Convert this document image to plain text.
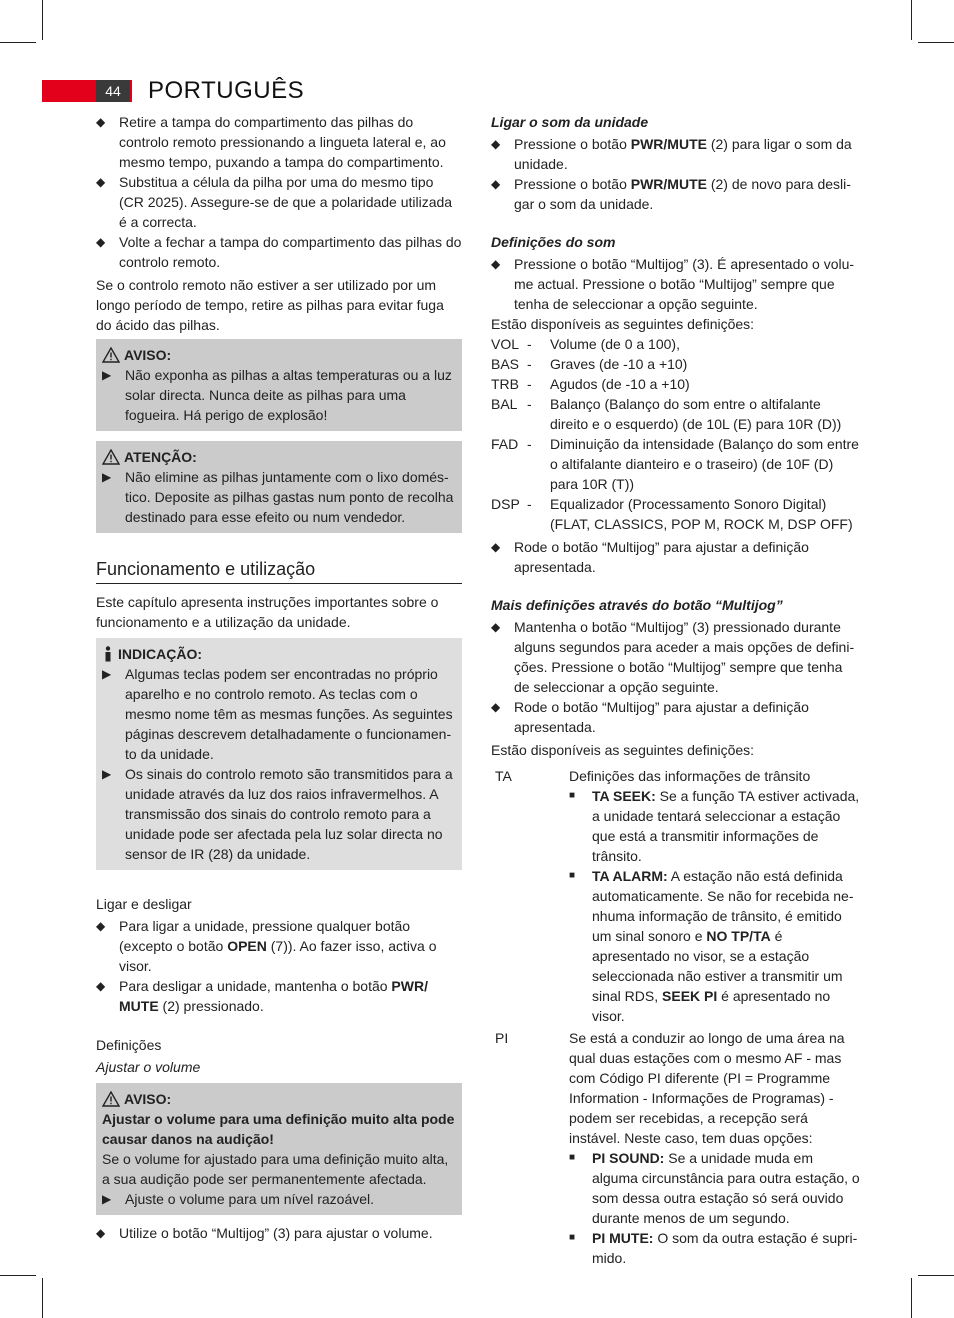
44	PORTUGUÊS
◆ Retire a tampa do compartimento das pilhas do controlo remoto pressionando a lingueta lateral e, ao mesmo tempo, puxando a tampa do compartimento.
◆ Substitua a célula da pilha por uma do mesmo tipo (CR 2025). Assegure-se de que a polaridade utilizada é a correcta.
◆ Volte a fechar a tampa do compartimento das pilhas do controlo remoto.

Se o controlo remoto não estiver a ser utilizado por um longo período de tempo, retire as pilhas para evitar fuga do ácido das pilhas.

AVISO:
▶ Não exponha as pilhas a altas temperaturas ou a luz solar directa. Nunca deite as pilhas para uma fogueira. Há perigo de explosão!
ATENÇÃO:
▶ Não elimine as pilhas juntamente com o lixo doméstico. Deposite as pilhas gastas num ponto de recolha destinado para esse efeito ou num vendedor.
Funcionamento e utilização

Este capítulo apresenta instruções importantes sobre o funcionamento e a utilização da unidade.

INDICAÇÃO:
▶ Algumas teclas podem ser encontradas no próprio aparelho e no controlo remoto. As teclas com o mesmo nome têm as mesmas funções. As seguintes páginas descrevem detalhadamente o funcionamento da unidade.
▶ Os sinais do controlo remoto são transmitidos para a unidade através da luz dos raios infravermelhos. A transmissão dos sinais do controlo remoto para a unidade pode ser afectada pela luz solar directa no sensor de IR (28) da unidade.
Ligar e desligar
◆ Para ligar a unidade, pressione qualquer botão (excepto o botão OPEN (7)). Ao fazer isso, activa o visor.
◆ Para desligar a unidade, mantenha o botão PWR/ MUTE (2) pressionado.
Definições
Ajustar o volume
AVISO:

Ajustar o volume para uma definição muito alta pode causar danos na audição!

Se o volume for ajustado para uma definição muito alta, a sua audição pode ser permanentemente afectada.

▶ Ajuste o volume para um nível razoável.
◆ Utilize o botão “Multijog” (3) para ajustar o volume.
Ligar o som da unidade
◆ Pressione o botão PWR/MUTE (2) para ligar o som da unidade.
◆ Pressione o botão PWR/MUTE (2) de novo para desligar o som da unidade.
Definições do som
◆ Pressione o botão “Multijog” (3). É apresentado o volume actual. Pressione o botão “Multijog” sempre que tenha de seleccionar a opção seguinte.

Estão disponíveis as seguintes definições:

VOL -	Volume (de 0 a 100),
BAS -	Graves (de -10 a +10)
TRB -	Agudos (de -10 a +10)
BAL -	Balanço (Balanço do som entre o altifalante direito e o esquerdo) (de 10L (E) para 10R (D))
FAD -	Diminuição da intensidade (Balanço do som entre o altifalante dianteiro e o traseiro) (de 10F (D) para 10R (T))
DSP -	Equalizador (Processamento Sonoro Digital) (FLAT, CLASSICS, POP M, ROCK M, DSP OFF)
◆ Rode o botão “Multijog” para ajustar a definição apresentada.
Mais definições através do botão “Multijog”
◆ Mantenha o botão “Multijog” (3) pressionado durante alguns segundos para aceder a mais opções de definições. Pressione o botão “Multijog” sempre que tenha de seleccionar a opção seguinte.
◆ Rode o botão “Multijog” para ajustar a definição apresentada.

Estão disponíveis as seguintes definições:

TA	Definições das informações de trânsito
■	TA SEEK: Se a função TA estiver activada, a unidade tentará seleccionar a estação que está a transmitir informações de trânsito.
■	TA ALARM: A estação não está definida automaticamente. Se não for recebida nenhuma informação de trânsito, é emitido um sinal sonoro e NO TP/TA é apresentado no visor, se a estação seleccionada não estiver a transmitir um sinal RDS, SEEK PI é apresentado no visor.
PI	Se está a conduzir ao longo de uma área na qual duas estações com o mesmo AF - mas com Código PI diferente (PI = Programme Information - Informações de Programas) - podem ser recebidas, a recepção será instável. Neste caso, tem duas opções:
■	PI SOUND: Se a unidade muda em alguma circunstância para outra estação, o som dessa outra estação só será ouvido durante menos de um segundo.
■	PI MUTE: O som da outra estação é suprimido.
